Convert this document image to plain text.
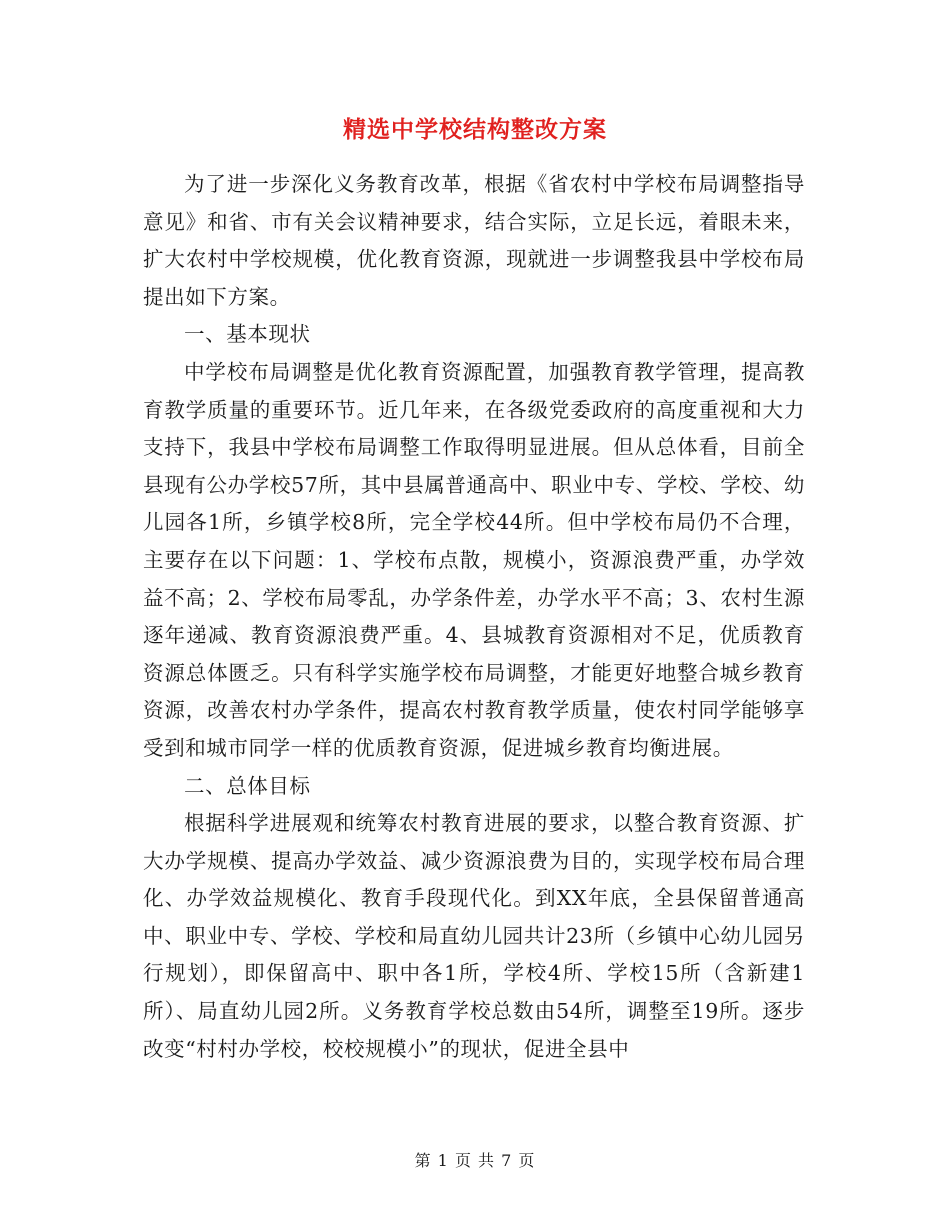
精选中学校结构整改方案

为了进一步深化义务教育改革，根据《省农村中学校布局调整指导意见》和省、市有关会议精神要求，结合实际，立足长远，着眼未来，扩大农村中学校规模，优化教育资源，现就进一步调整我县中学校布局提出如下方案。

一、基本现状

中学校布局调整是优化教育资源配置，加强教育教学管理，提高教育教学质量的重要环节。近几年来，在各级党委政府的高度重视和大力支持下，我县中学校布局调整工作取得明显进展。但从总体看，目前全县现有公办学校57所，其中县属普通高中、职业中专、学校、学校、幼儿园各1所，乡镇学校8所，完全学校44所。但中学校布局仍不合理，主要存在以下问题：1、学校布点散，规模小，资源浪费严重，办学效益不高；2、学校布局零乱，办学条件差，办学水平不高；3、农村生源逐年递减、教育资源浪费严重。4、县城教育资源相对不足，优质教育资源总体匮乏。只有科学实施学校布局调整，才能更好地整合城乡教育资源，改善农村办学条件，提高农村教育教学质量，使农村同学能够享受到和城市同学一样的优质教育资源，促进城乡教育均衡进展。

二、总体目标

根据科学进展观和统筹农村教育进展的要求，以整合教育资源、扩大办学规模、提高办学效益、减少资源浪费为目的，实现学校布局合理化、办学效益规模化、教育手段现代化。到XX年底，全县保留普通高中、职业中专、学校、学校和局直幼儿园共计23所（乡镇中心幼儿园另行规划），即保留高中、职中各1所，学校4所、学校15所（含新建1所）、局直幼儿园2所。义务教育学校总数由54所，调整至19所。逐步改变“村村办学校，校校规模小”的现状，促进全县中

第 1 页 共 7 页
